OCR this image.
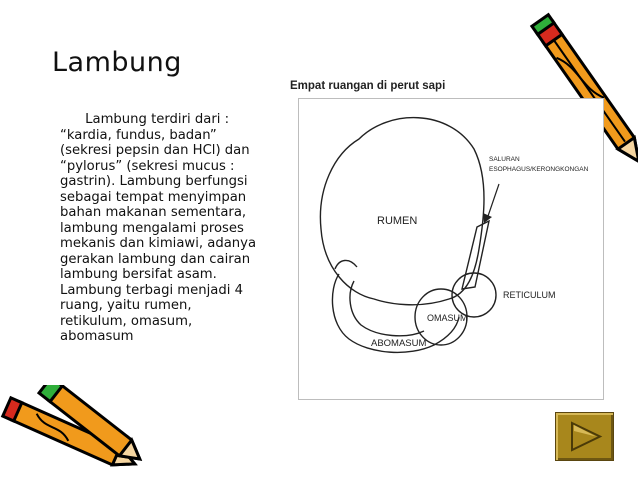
Lambung

Lambung terdiri dari :

“kardia, fundus, badan”

(sekresi pepsin dan HCl) dan

“pylorus” (sekresi mucus :

gastrin). Lambung berfungsi

sebagai tempat menyimpan

bahan makanan sementara,

lambung mengalami proses

mekanis dan kimiawi, adanya

gerakan lambung dan cairan

lambung bersifat asam.

Lambung terbagi menjadi 4

ruang, yaitu rumen,

retikulum, omasum,

abomasum

Empat ruangan di perut sapi
RUMEN
RETICULUM
OMASUM
ABOMASUM
SALURAN
ESOPHAGUS/KERONGKONGAN
